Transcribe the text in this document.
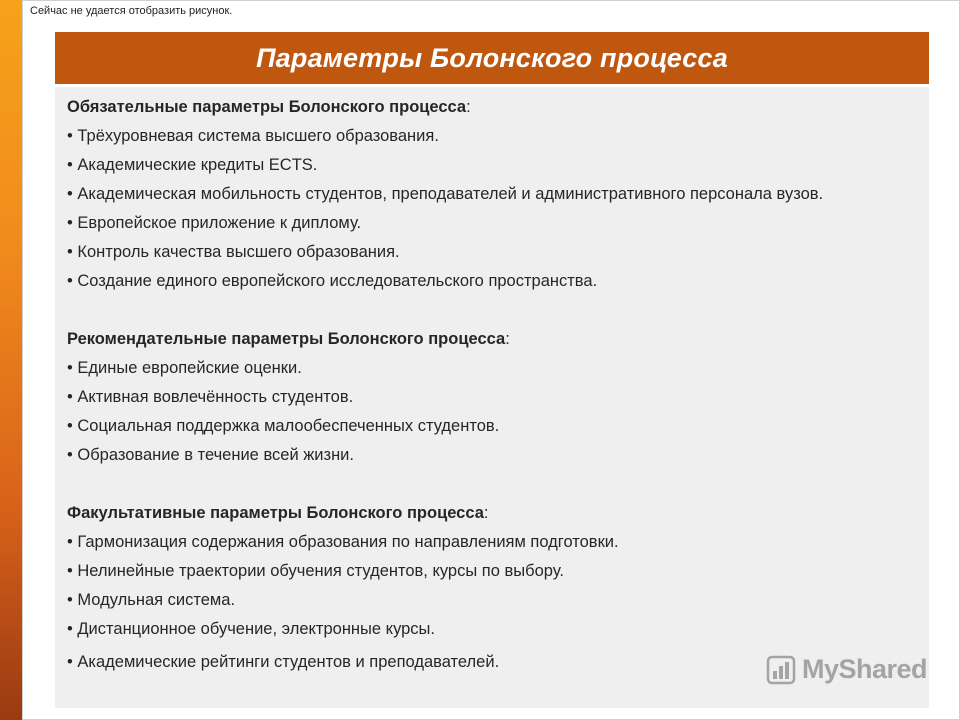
Сейчас не удается отобразить рисунок.
Параметры Болонского процесса
Обязательные параметры Болонского процесса:
• Трёхуровневая система высшего образования.
• Академические кредиты ECTS.
• Академическая мобильность студентов, преподавателей и административного персонала вузов.
• Европейское приложение к диплому.
• Контроль качества высшего образования.
• Создание единого европейского исследовательского пространства.
Рекомендательные параметры Болонского процесса:
• Единые европейские оценки.
• Активная вовлечённость студентов.
• Социальная поддержка малообеспеченных студентов.
• Образование в течение всей жизни.
Факультативные параметры Болонского процесса:
• Гармонизация содержания образования по направлениям подготовки.
• Нелинейные траектории обучения студентов, курсы по выбору.
• Модульная система.
• Дистанционное обучение, электронные курсы.
• Академические рейтинги студентов и преподавателей.	MyShared
